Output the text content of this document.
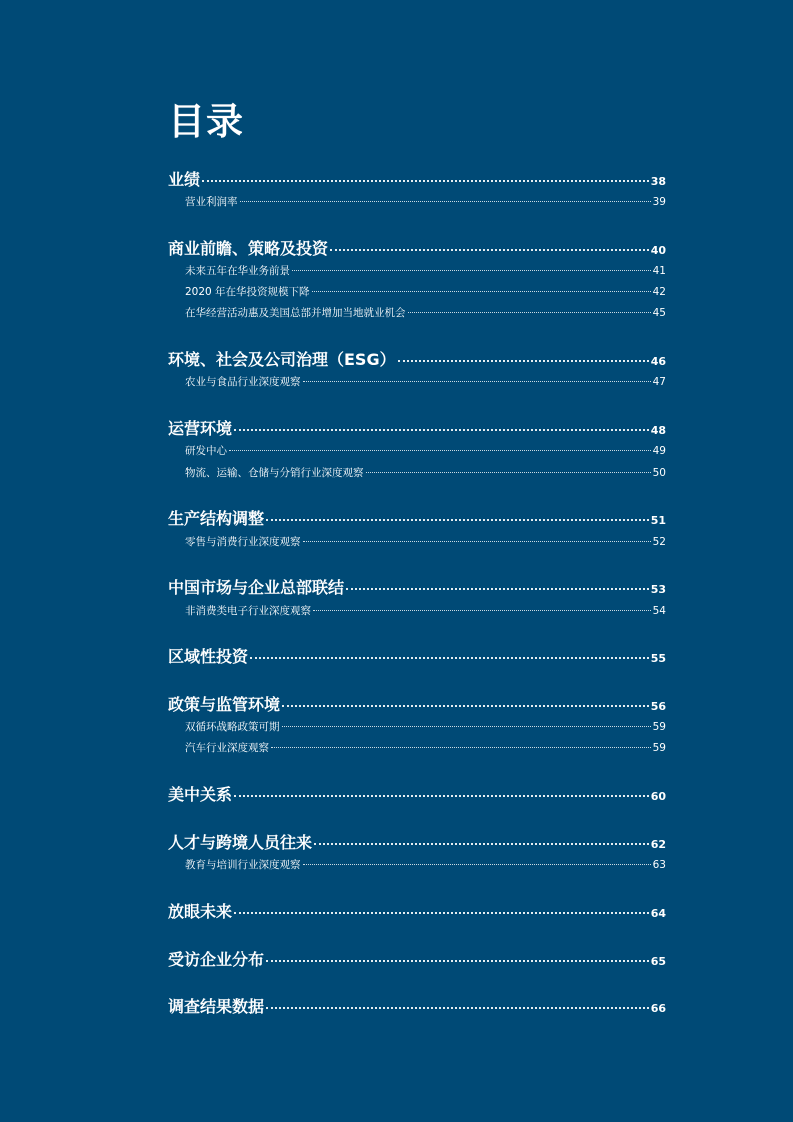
目录
业绩	38
营业利润率	39
商业前瞻、策略及投资	40
未来五年在华业务前景	41
2020 年在华投资规模下降	42
在华经营活动惠及美国总部并增加当地就业机会	45
环境、社会及公司治理（ESG）	46
农业与食品行业深度观察	47
运营环境	48
研发中心	49
物流、运输、仓储与分销行业深度观察	50
生产结构调整	51
零售与消费行业深度观察	52
中国市场与企业总部联结	53
非消费类电子行业深度观察	54
区域性投资	55
政策与监管环境	56
双循环战略政策可期	59
汽车行业深度观察	59
美中关系	60
人才与跨境人员往来	62
教育与培训行业深度观察	63
放眼未来	64
受访企业分布	65
调查结果数据	66
